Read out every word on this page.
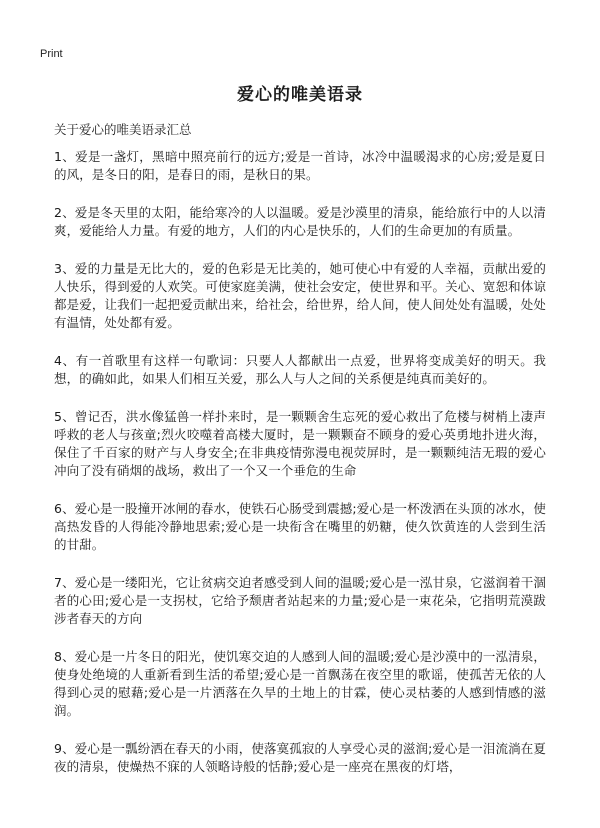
Print
爱心的唯美语录

关于爱心的唯美语录汇总

1、爱是一盏灯，黑暗中照亮前行的远方;爱是一首诗，冰冷中温暖渴求的心房;爱是夏日的风，是冬日的阳，是春日的雨，是秋日的果。

2、爱是冬天里的太阳，能给寒冷的人以温暖。爱是沙漠里的清泉，能给旅行中的人以清爽，爱能给人力量。有爱的地方，人们的内心是快乐的，人们的生命更加的有质量。

3、爱的力量是无比大的，爱的色彩是无比美的，她可使心中有爱的人幸福，贡献出爱的人快乐，得到爱的人欢笑。可使家庭美满，使社会安定，使世界和平。关心、宽恕和体谅都是爱，让我们一起把爱贡献出来，给社会，给世界，给人间，使人间处处有温暖，处处有温情，处处都有爱。

4、有一首歌里有这样一句歌词：只要人人都献出一点爱，世界将变成美好的明天。我想，的确如此，如果人们相互关爱，那么人与人之间的关系便是纯真而美好的。

5、曾记否，洪水像猛兽一样扑来时，是一颗颗舍生忘死的爱心救出了危楼与树梢上凄声呼救的老人与孩童;烈火咬噬着高楼大厦时，是一颗颗奋不顾身的爱心英勇地扑进火海，保住了千百家的财产与人身安全;在非典疫情弥漫电视荧屏时，是一颗颗纯洁无瑕的爱心冲向了没有硝烟的战场，救出了一个又一个垂危的生命

6、爱心是一股撞开冰闸的春水，使铁石心肠受到震撼;爱心是一杯泼洒在头顶的冰水，使高热发昏的人得能冷静地思索;爱心是一块衔含在嘴里的奶糖，使久饮黄连的人尝到生活的甘甜。

7、爱心是一缕阳光，它让贫病交迫者感受到人间的温暖;爱心是一泓甘泉，它滋润着干涸者的心田;爱心是一支拐杖，它给予颓唐者站起来的力量;爱心是一束花朵，它指明荒漠跋涉者春天的方向

8、爱心是一片冬日的阳光，使饥寒交迫的人感到人间的温暖;爱心是沙漠中的一泓清泉，使身处绝境的人重新看到生活的希望;爱心是一首飘荡在夜空里的歌谣，使孤苦无依的人得到心灵的慰藉;爱心是一片洒落在久旱的土地上的甘霖，使心灵枯萎的人感到情感的滋润。

9、爱心是一瓢纷洒在春天的小雨，使落寞孤寂的人享受心灵的滋润;爱心是一泪流淌在夏夜的清泉，使燥热不寐的人领略诗般的恬静;爱心是一座亮在黑夜的灯塔，
